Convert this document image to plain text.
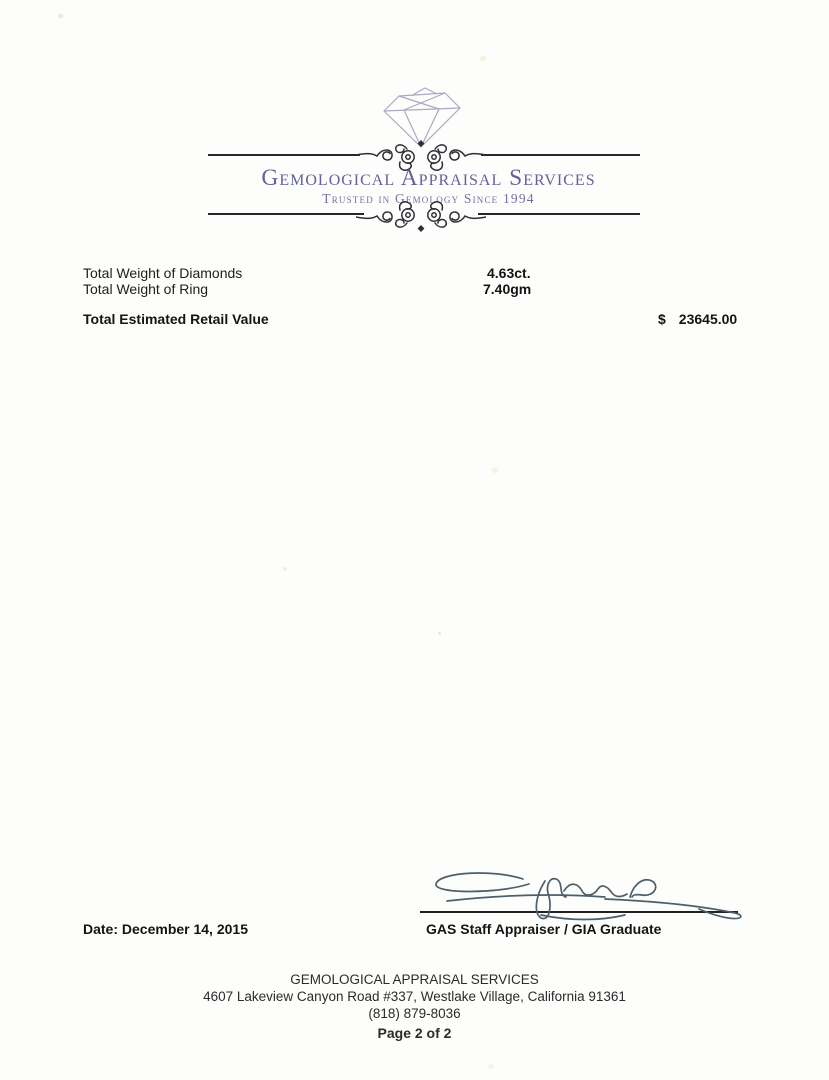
Gemological Appraisal Services
Trusted in Gemology Since 1994
Total Weight of Diamonds	4.63ct.
Total Weight of Ring	7.40gm
Total Estimated Retail Value	$ 23645.00
Date: December 14, 2015	GAS Staff Appraiser / GIA Graduate
GEMOLOGICAL APPRAISAL SERVICES
4607 Lakeview Canyon Road #337, Westlake Village, California 91361
(818) 879-8036
Page 2 of 2
